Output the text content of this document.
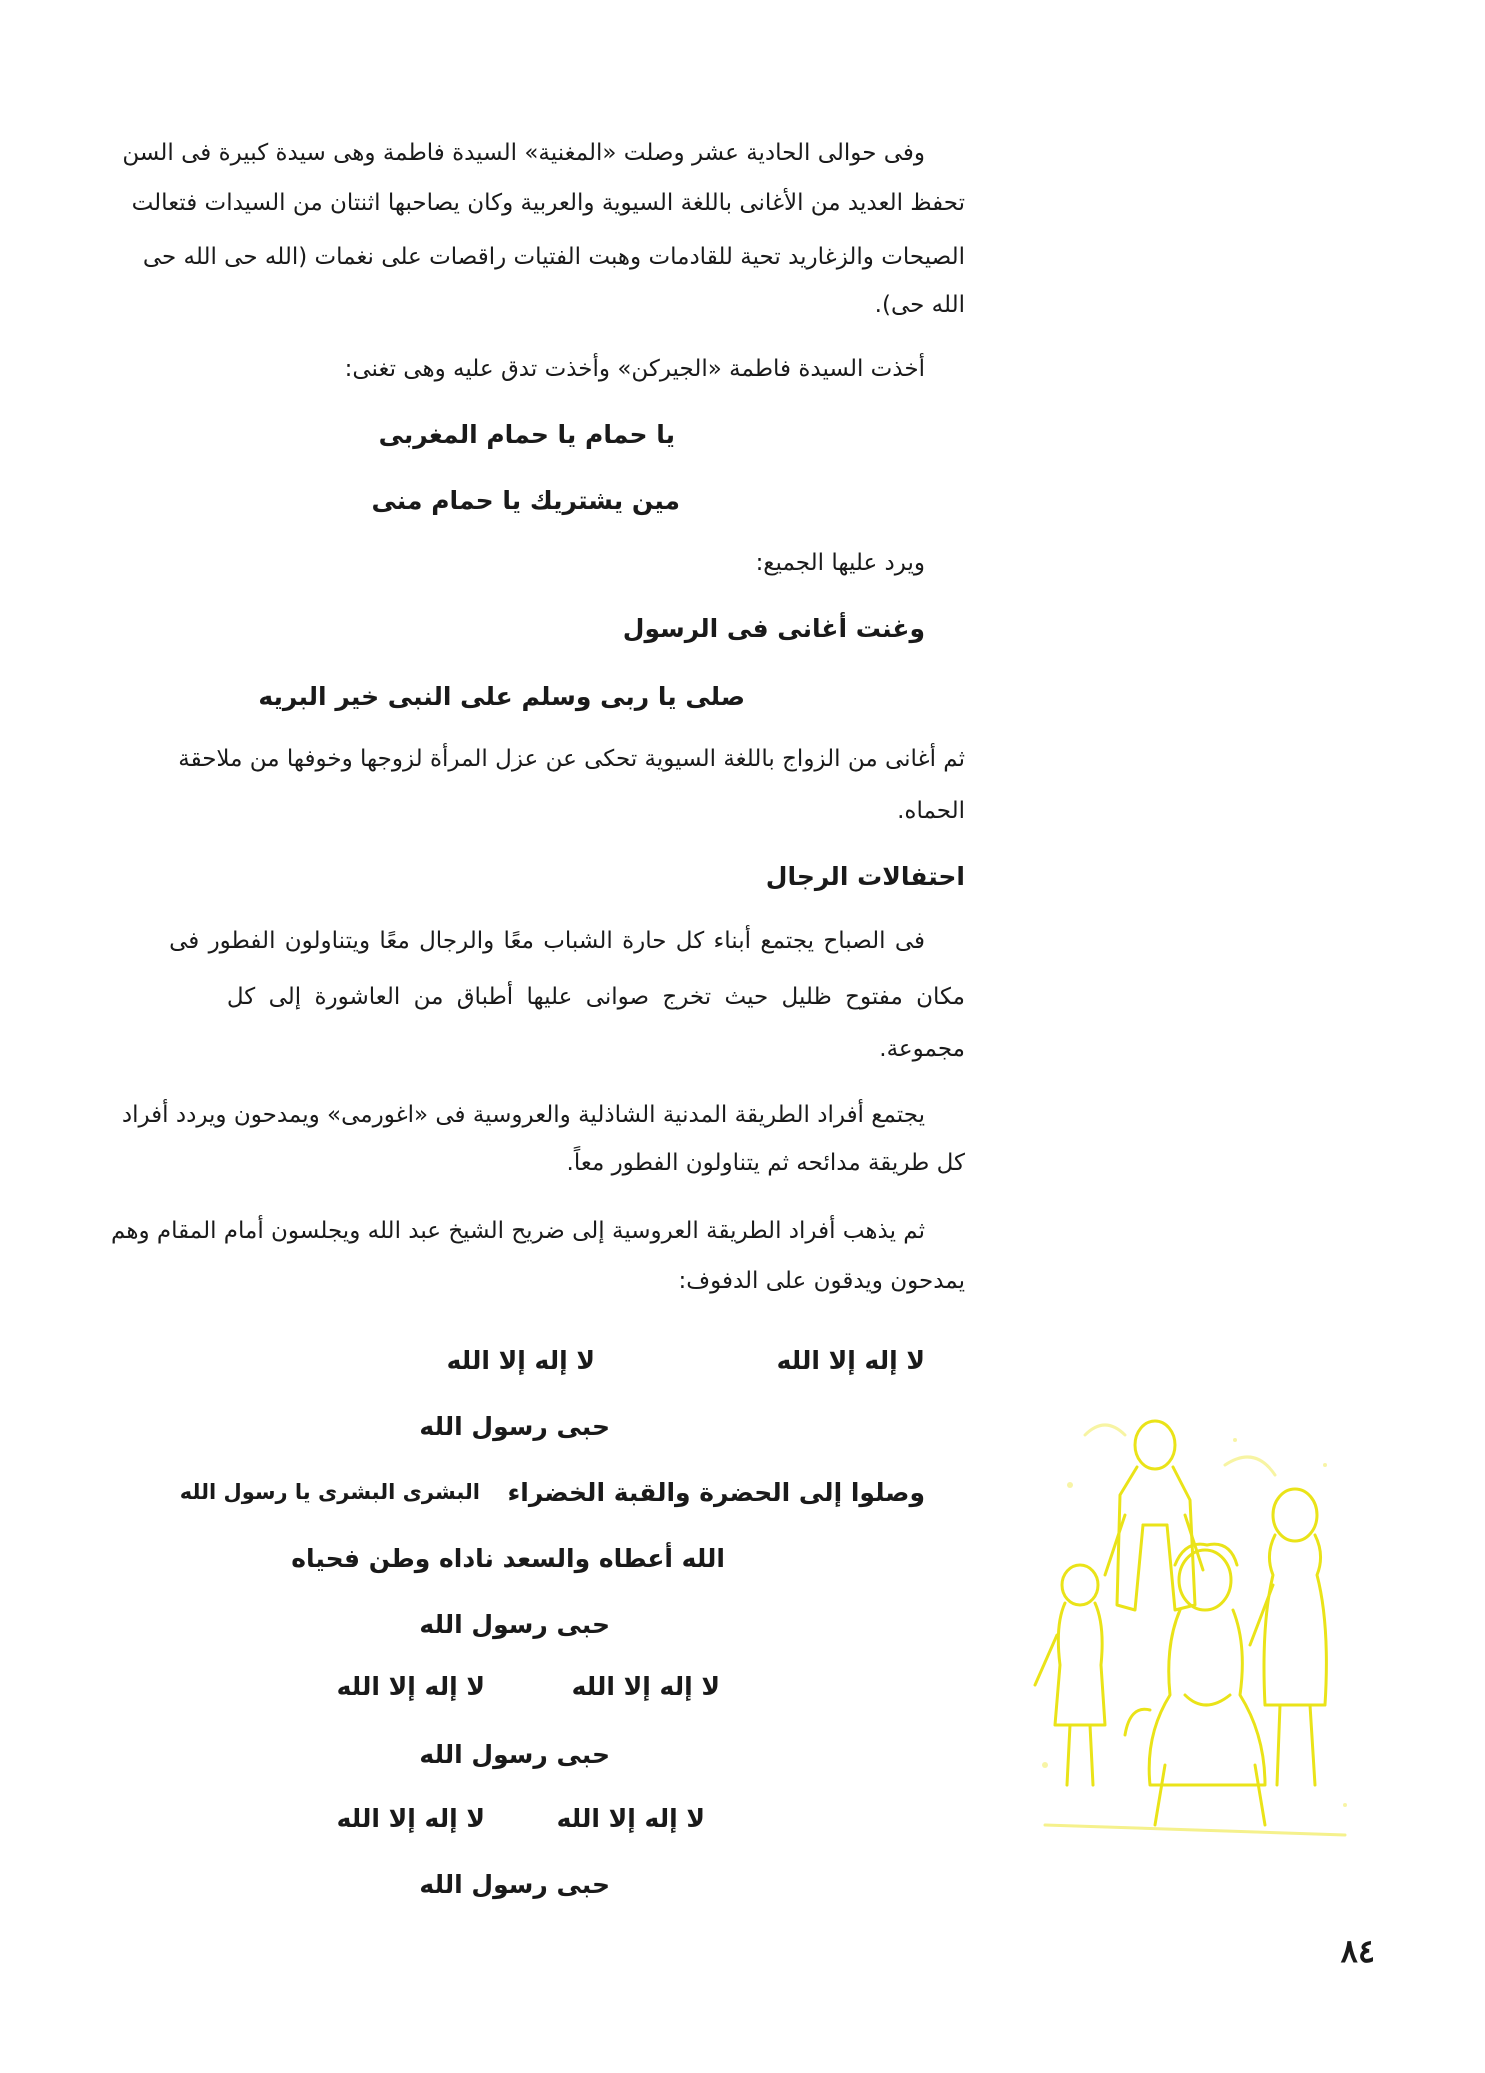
وفى حوالى الحادية عشر وصلت «المغنية» السيدة فاطمة وهى سيدة كبيرة فى السن
تحفظ العديد من الأغانى باللغة السيوية والعربية وكان يصاحبها اثنتان من السيدات فتعالت
الصيحات والزغاريد تحية للقادمات وهبت الفتيات راقصات على نغمات (الله حى الله حى
الله حى).
أخذت السيدة فاطمة «الجيركن» وأخذت تدق عليه وهى تغنى:
يا حمام يا حمام المغربى
مين يشتريك يا حمام منى
ويرد عليها الجميع:
وغنت أغانى فى الرسول
صلى يا ربى وسلم على النبى خير البريه
ثم أغانى من الزواج باللغة السيوية تحكى عن عزل المرأة لزوجها وخوفها من ملاحقة
الحماه.
احتفالات الرجال
فى الصباح يجتمع أبناء كل حارة الشباب معًا والرجال معًا ويتناولون الفطور فى
مكان مفتوح ظليل حيث تخرج صوانى عليها أطباق من العاشورة إلى كل
مجموعة.
يجتمع أفراد الطريقة المدنية الشاذلية والعروسية فى «اغورمى» ويمدحون ويردد أفراد
كل طريقة مدائحه ثم يتناولون الفطور معاً.
ثم يذهب أفراد الطريقة العروسية إلى ضريح الشيخ عبد الله ويجلسون أمام المقام وهم
يمدحون ويدقون على الدفوف:
لا إله إلا الله
لا إله إلا الله
حبى رسول الله
وصلوا إلى الحضرة والقبة الخضراء
البشرى البشرى يا رسول الله
الله أعطاه والسعد ناداه وطن فحياه
حبى رسول الله
لا إله إلا الله
لا إله إلا الله
حبى رسول الله
لا إله إلا الله
لا إله إلا الله
حبى رسول الله
٨٤
